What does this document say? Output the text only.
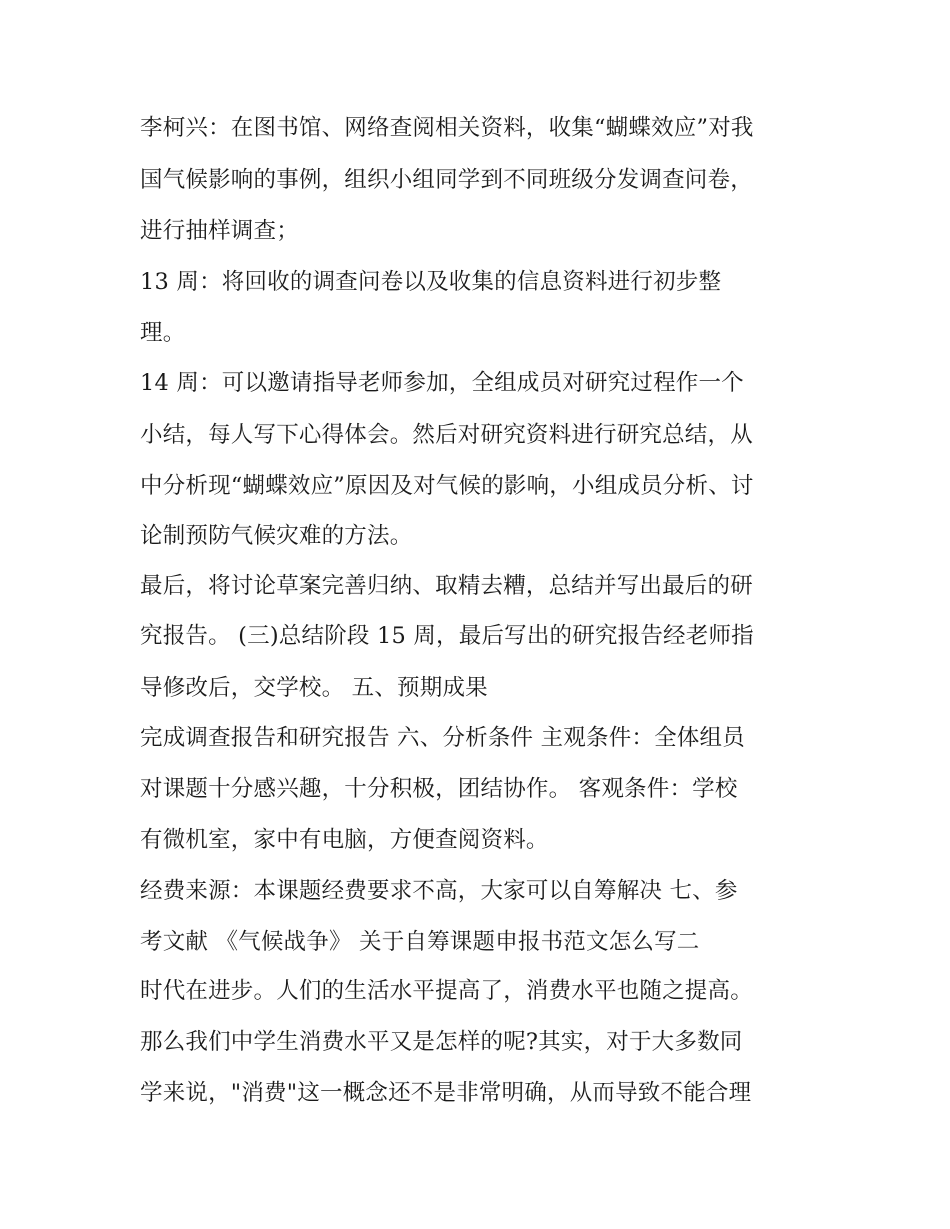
李柯兴：在图书馆、网络查阅相关资料，收集“蝴蝶效应”对我

国气候影响的事例，组织小组同学到不同班级分发调查问卷，

进行抽样调查；

13 周：将回收的调查问卷以及收集的信息资料进行初步整

理。

14 周：可以邀请指导老师参加，全组成员对研究过程作一个

小结，每人写下心得体会。然后对研究资料进行研究总结，从

中分析现“蝴蝶效应”原因及对气候的影响，小组成员分析、讨

论制预防气候灾难的方法。

最后，将讨论草案完善归纳、取精去糟，总结并写出最后的研

究报告。 (三)总结阶段 15 周，最后写出的研究报告经老师指

导修改后，交学校。 五、预期成果

完成调查报告和研究报告 六、分析条件 主观条件：全体组员

对课题十分感兴趣，十分积极，团结协作。 客观条件：学校

有微机室，家中有电脑，方便查阅资料。

经费来源：本课题经费要求不高，大家可以自筹解决 七、参

考文献 《气候战争》 关于自筹课题申报书范文怎么写二

时代在进步。人们的生活水平提高了，消费水平也随之提高。

那么我们中学生消费水平又是怎样的呢?其实，对于大多数同

学来说，"消费"这一概念还不是非常明确，从而导致不能合理
